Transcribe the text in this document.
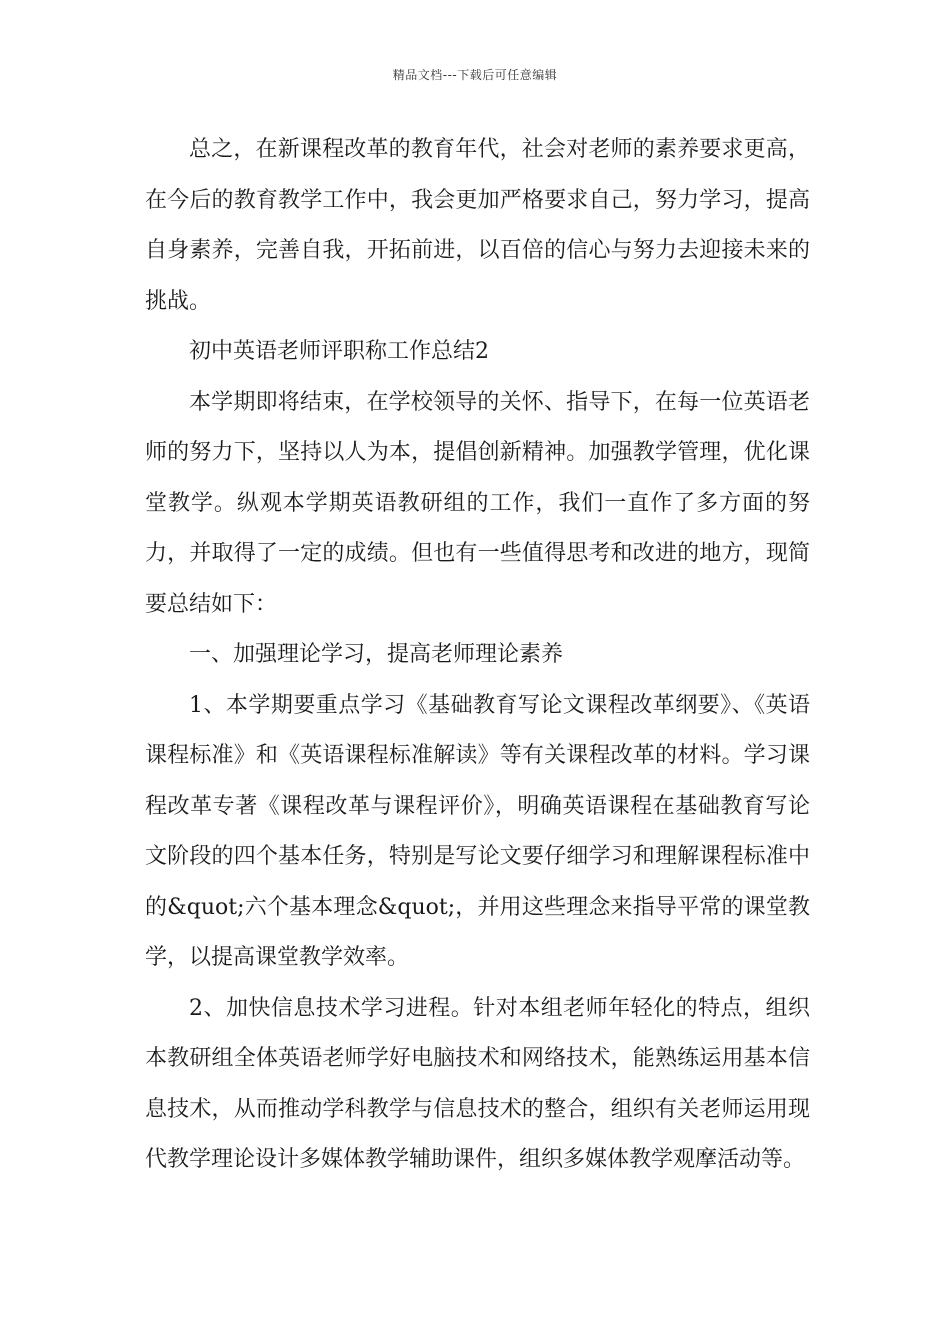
精品文档---下载后可任意编辑

总之，在新课程改革的教育年代，社会对老师的素养要求更高，在今后的教育教学工作中，我会更加严格要求自己，努力学习，提高自身素养，完善自我，开拓前进，以百倍的信心与努力去迎接未来的挑战。

初中英语老师评职称工作总结2

本学期即将结束，在学校领导的关怀、指导下，在每一位英语老师的努力下，坚持以人为本，提倡创新精神。加强教学管理，优化课堂教学。纵观本学期英语教研组的工作，我们一直作了多方面的努力，并取得了一定的成绩。但也有一些值得思考和改进的地方，现简要总结如下：

一、加强理论学习，提高老师理论素养

1、本学期要重点学习《基础教育写论文课程改革纲要》、《英语课程标准》和《英语课程标准解读》等有关课程改革的材料。学习课程改革专著《课程改革与课程评价》，明确英语课程在基础教育写论文阶段的四个基本任务，特别是写论文要仔细学习和理解课程标准中的&quot;六个基本理念&quot;，并用这些理念来指导平常的课堂教学，以提高课堂教学效率。

2、加快信息技术学习进程。针对本组老师年轻化的特点，组织本教研组全体英语老师学好电脑技术和网络技术，能熟练运用基本信息技术，从而推动学科教学与信息技术的整合，组织有关老师运用现代教学理论设计多媒体教学辅助课件，组织多媒体教学观摩活动等。
